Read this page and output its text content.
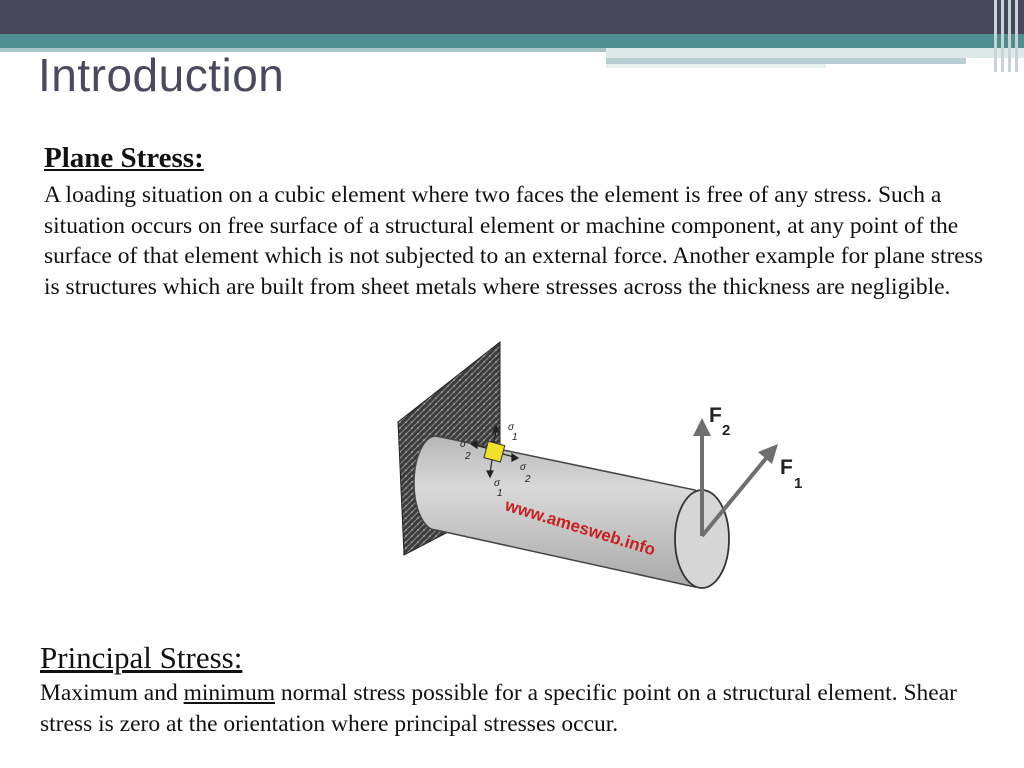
Introduction
Plane Stress:

A loading situation on a cubic element where two faces the element is free of any stress. Such a situation occurs on free surface of a structural element or machine component, at any point of the surface of that element which is not subjected to an external force. Another example for plane stress is structures which are built from sheet metals where stresses across the thickness are negligible.

σ
1
σ
2
σ
2
σ
1
www.amesweb.info
F
2
F
1
Principal Stress:

Maximum and minimum normal stress possible for a specific point on a structural element. Shear stress is zero at the orientation where principal stresses occur.
